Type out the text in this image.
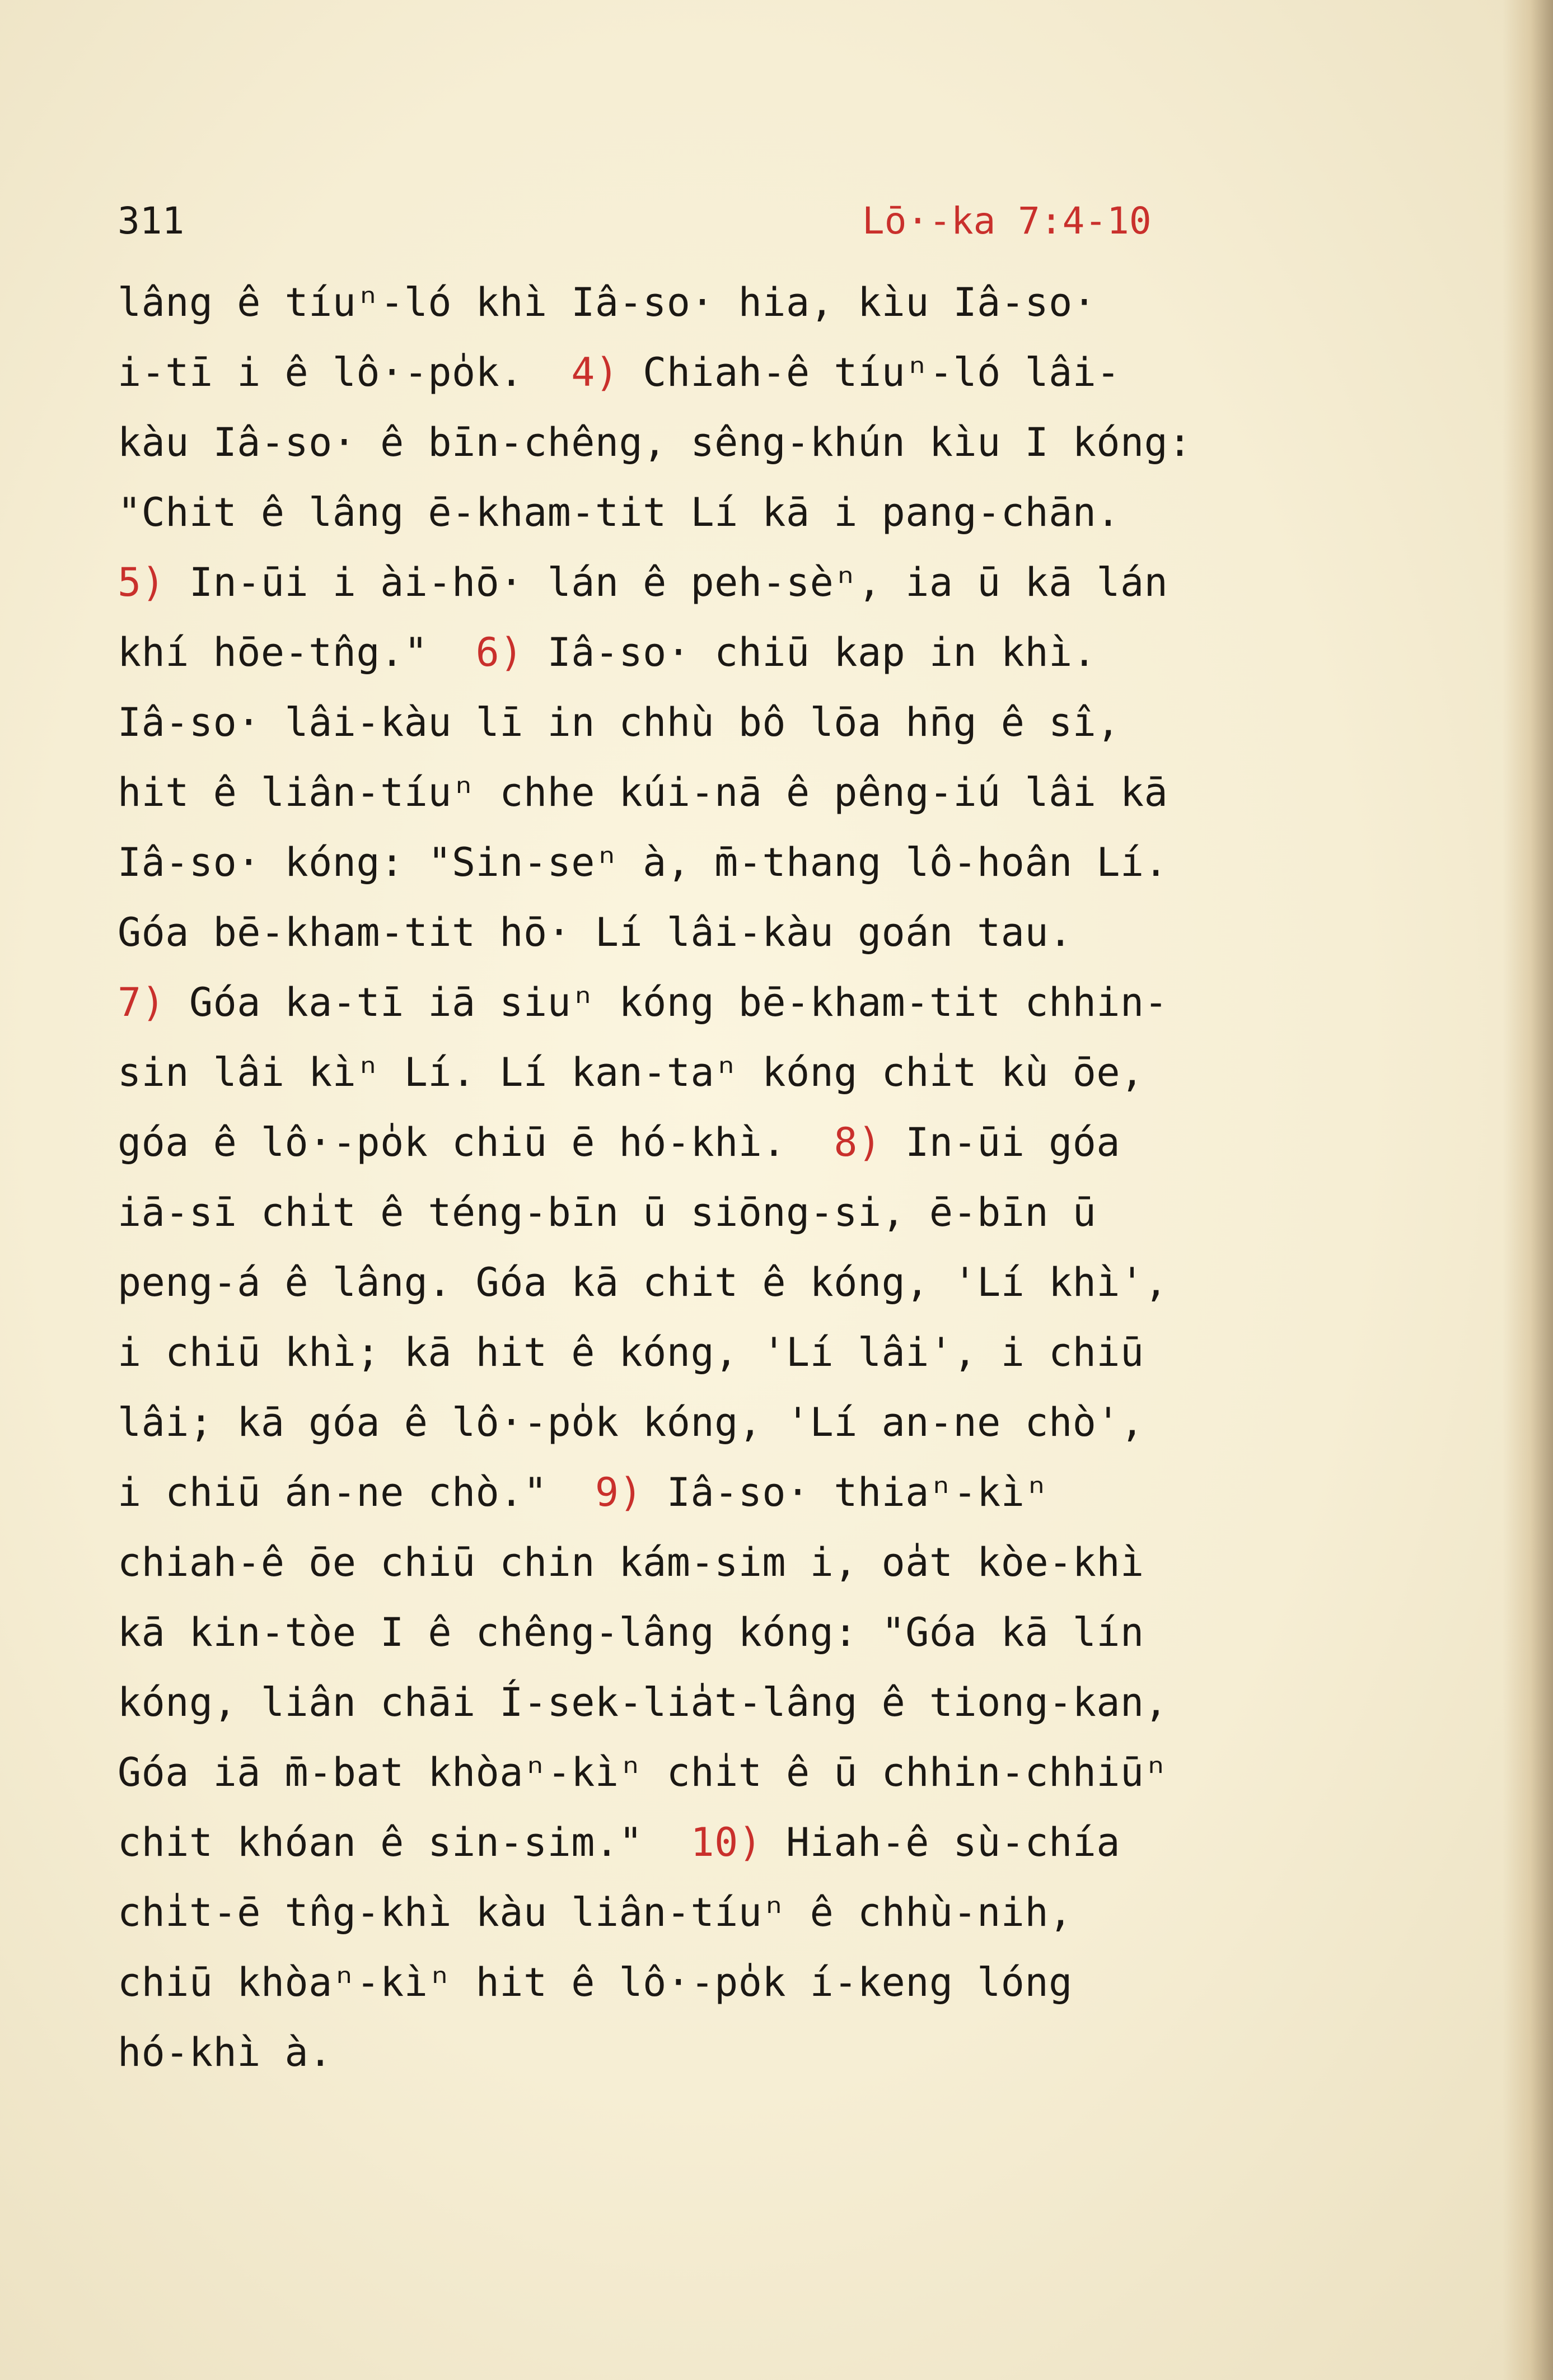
311	Lō·-ka 7:4-10
lâng ê tíuⁿ-ló khì Iâ-so· hia, kìu Iâ-so·
i-tī i ê lô·-po̍k.  4) Chiah-ê tíuⁿ-ló lâi-
kàu Iâ-so· ê bīn-chêng, sêng-khún kìu I kóng:
"Chit ê lâng ē-kham-tit Lí kā i pang-chān.
5) In-ūi i ài-hō· lán ê peh-sèⁿ, ia ū kā lán
khí hōe-tn̂g."  6) Iâ-so· chiū kap in khì.
Iâ-so· lâi-kàu lī in chhù bô lōa hn̄g ê sî,
hit ê liân-tíuⁿ chhe kúi-nā ê pêng-iú lâi kā
Iâ-so· kóng: "Sin-seⁿ à, m̄-thang lô-hoân Lí.
Góa bē-kham-tit hō· Lí lâi-kàu goán tau.
7) Góa ka-tī iā siuⁿ kóng bē-kham-tit chhin-
sin lâi kìⁿ Lí. Lí kan-taⁿ kóng chi̍t kù ōe,
góa ê lô·-po̍k chiū ē hó-khì.  8) In-ūi góa
iā-sī chi̍t ê téng-bīn ū siōng-si, ē-bīn ū
peng-á ê lâng. Góa kā chit ê kóng, 'Lí khì',
i chiū khì; kā hit ê kóng, 'Lí lâi', i chiū
lâi; kā góa ê lô·-po̍k kóng, 'Lí an-ne chò',
i chiū án-ne chò."  9) Iâ-so· thiaⁿ-kìⁿ
chiah-ê ōe chiū chin kám-sim i, oa̍t kòe-khì
kā kin-tòe I ê chêng-lâng kóng: "Góa kā lín
kóng, liân chāi Í-sek-lia̍t-lâng ê tiong-kan,
Góa iā m̄-bat khòaⁿ-kìⁿ chi̍t ê ū chhin-chhiūⁿ
chit khóan ê sin-sim."  10) Hiah-ê sù-chía
chi̍t-ē tn̂g-khì kàu liân-tíuⁿ ê chhù-nih,
chiū khòaⁿ-kìⁿ hit ê lô·-po̍k í-keng lóng
hó-khì à.
